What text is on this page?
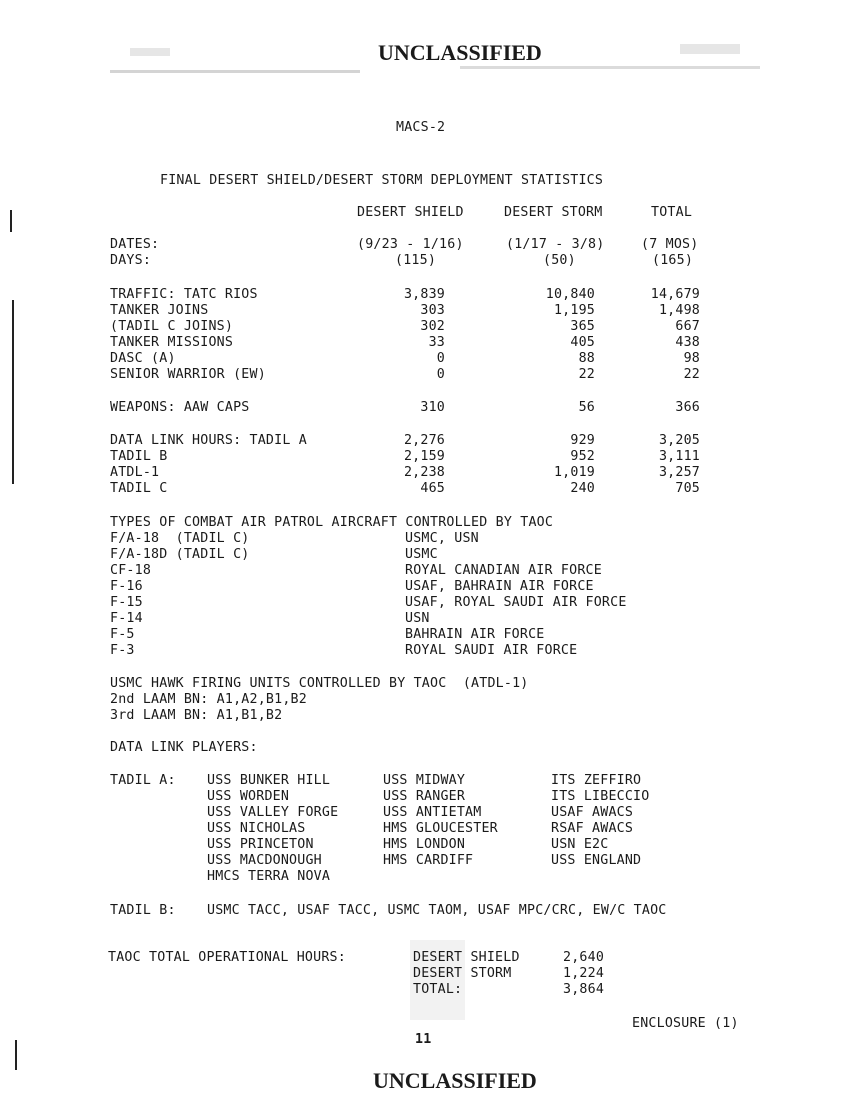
UNCLASSIFIED
MACS-2
FINAL DESERT SHIELD/DESERT STORM DEPLOYMENT STATISTICS
DESERT SHIELD	DESERT STORM	TOTAL
DATES:	(9/23 - 1/16)	(1/17 - 3/8)	(7 MOS)
DAYS:	(115)	(50)	(165)
TRAFFIC: TATC RIOS	3,839	10,840	14,679
TANKER JOINS	303	1,195	1,498
(TADIL C JOINS)	302	365	667
TANKER MISSIONS	33	405	438
DASC (A)	0	88	98
SENIOR WARRIOR (EW)	0	22	22
WEAPONS: AAW CAPS	310	56	366
DATA LINK HOURS: TADIL A	2,276	929	3,205
TADIL B	2,159	952	3,111
ATDL-1	2,238	1,019	3,257
TADIL C	465	240	705
TYPES OF COMBAT AIR PATROL AIRCRAFT CONTROLLED BY TAOC
F/A-18  (TADIL C)	USMC, USN
F/A-18D (TADIL C)	USMC
CF-18	ROYAL CANADIAN AIR FORCE
F-16	USAF, BAHRAIN AIR FORCE
F-15	USAF, ROYAL SAUDI AIR FORCE
F-14	USN
F-5	BAHRAIN AIR FORCE
F-3	ROYAL SAUDI AIR FORCE
USMC HAWK FIRING UNITS CONTROLLED BY TAOC  (ATDL-1)
2nd LAAM BN: A1,A2,B1,B2
3rd LAAM BN: A1,B1,B2
DATA LINK PLAYERS:
TADIL A: USS BUNKER HILL	USS MIDWAY	ITS ZEFFIRO
USS WORDEN	USS RANGER	ITS LIBECCIO
USS VALLEY FORGE	USS ANTIETAM	USAF AWACS
USS NICHOLAS	HMS GLOUCESTER	RSAF AWACS
USS PRINCETON	HMS LONDON	USN E2C
USS MACDONOUGH	HMS CARDIFF	USS ENGLAND
HMCS TERRA NOVA
TADIL B: USMC TACC, USAF TACC, USMC TAOM, USAF MPC/CRC, EW/C TAOC
TAOC TOTAL OPERATIONAL HOURS:	DESERT SHIELD	2,640
DESERT STORM	1,224
TOTAL:	3,864
ENCLOSURE (1)
11
UNCLASSIFIED
